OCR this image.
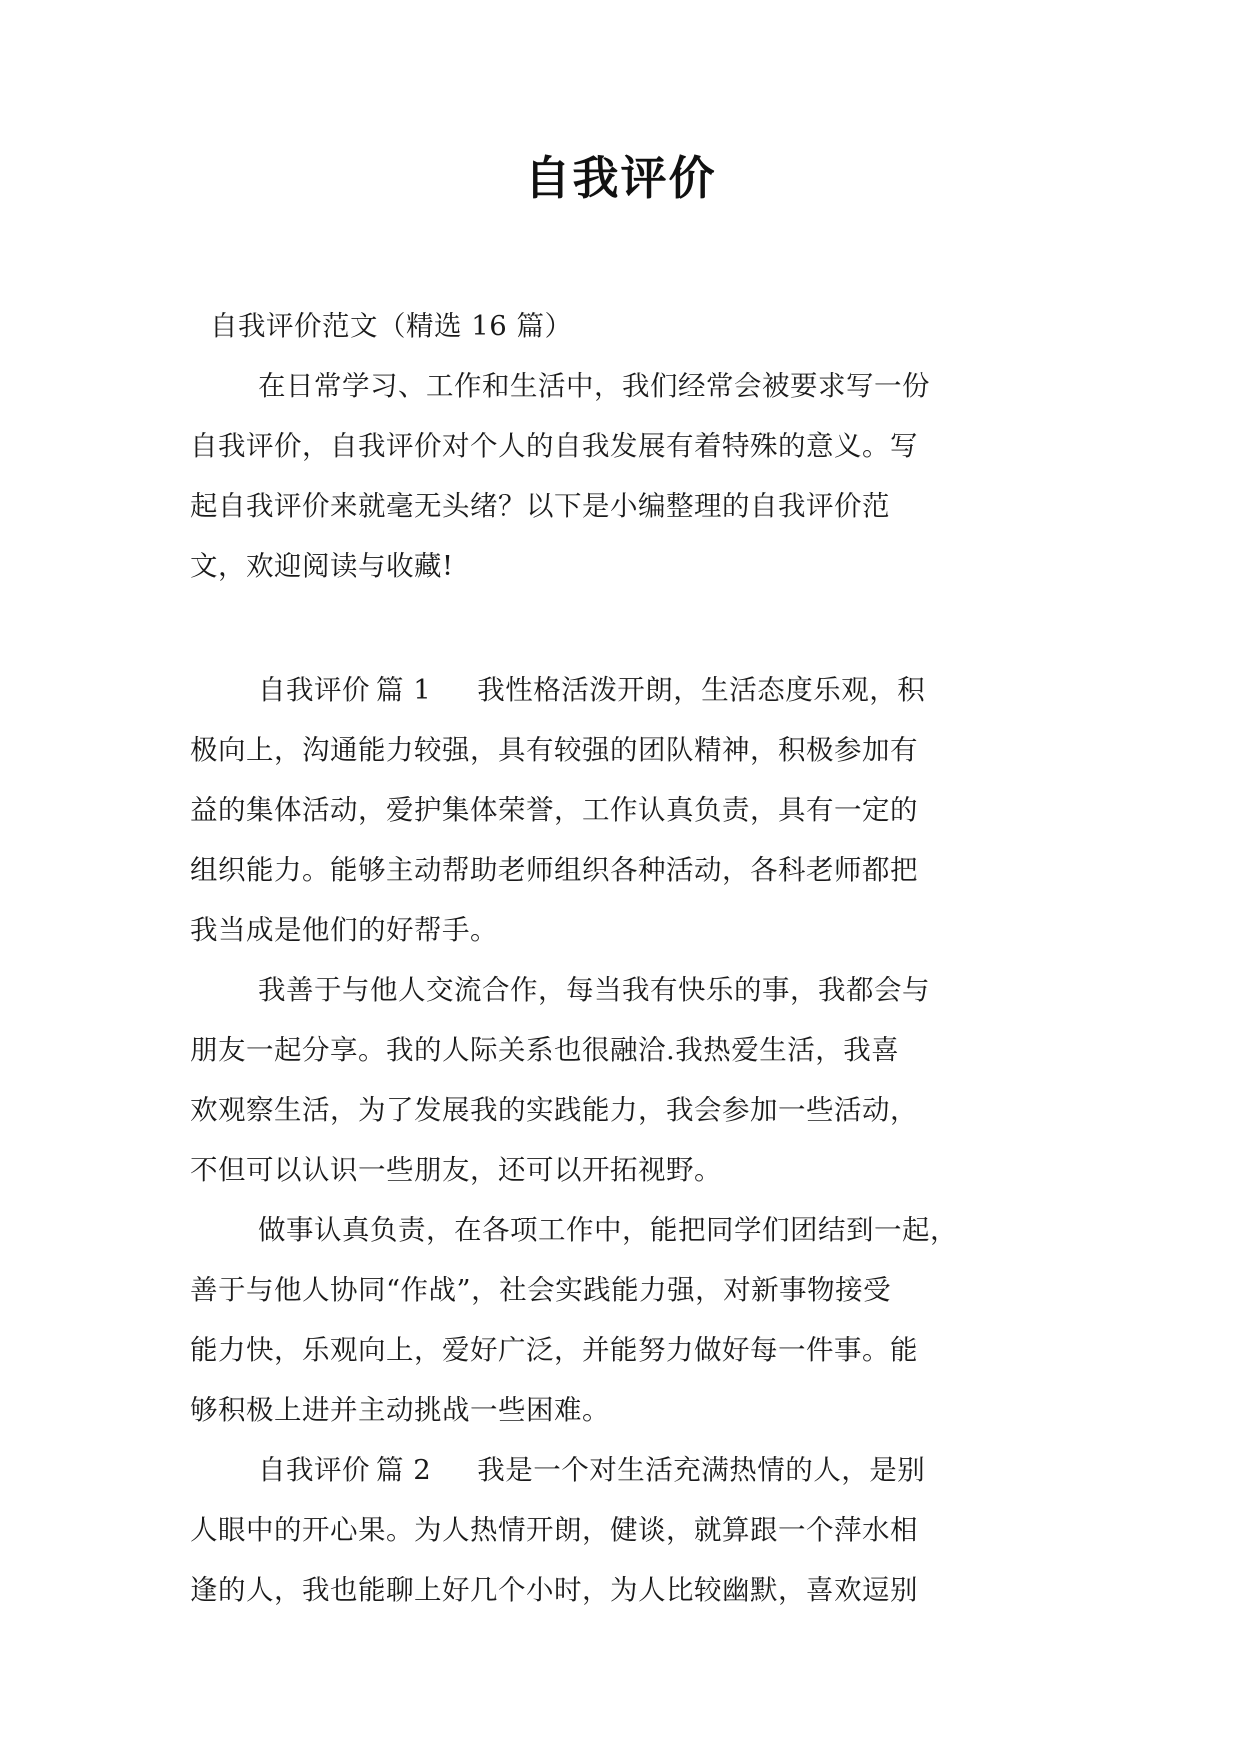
自我评价

自我评价范文（精选 16 篇）

在日常学习、工作和生活中，我们经常会被要求写一份

自我评价，自我评价对个人的自我发展有着特殊的意义。写

起自我评价来就毫无头绪？以下是小编整理的自我评价范

文，欢迎阅读与收藏!

自我评价 篇 1 我性格活泼开朗，生活态度乐观，积

极向上，沟通能力较强，具有较强的团队精神，积极参加有

益的集体活动，爱护集体荣誉，工作认真负责，具有一定的

组织能力。能够主动帮助老师组织各种活动，各科老师都把

我当成是他们的好帮手。

我善于与他人交流合作，每当我有快乐的事，我都会与

朋友一起分享。我的人际关系也很融洽.我热爱生活，我喜

欢观察生活，为了发展我的实践能力，我会参加一些活动，

不但可以认识一些朋友，还可以开拓视野。

做事认真负责，在各项工作中，能把同学们团结到一起，

善于与他人协同“作战”，社会实践能力强，对新事物接受

能力快，乐观向上，爱好广泛，并能努力做好每一件事。能

够积极上进并主动挑战一些困难。

自我评价 篇 2 我是一个对生活充满热情的人，是别

人眼中的开心果。为人热情开朗，健谈，就算跟一个萍水相

逢的人，我也能聊上好几个小时，为人比较幽默，喜欢逗别
